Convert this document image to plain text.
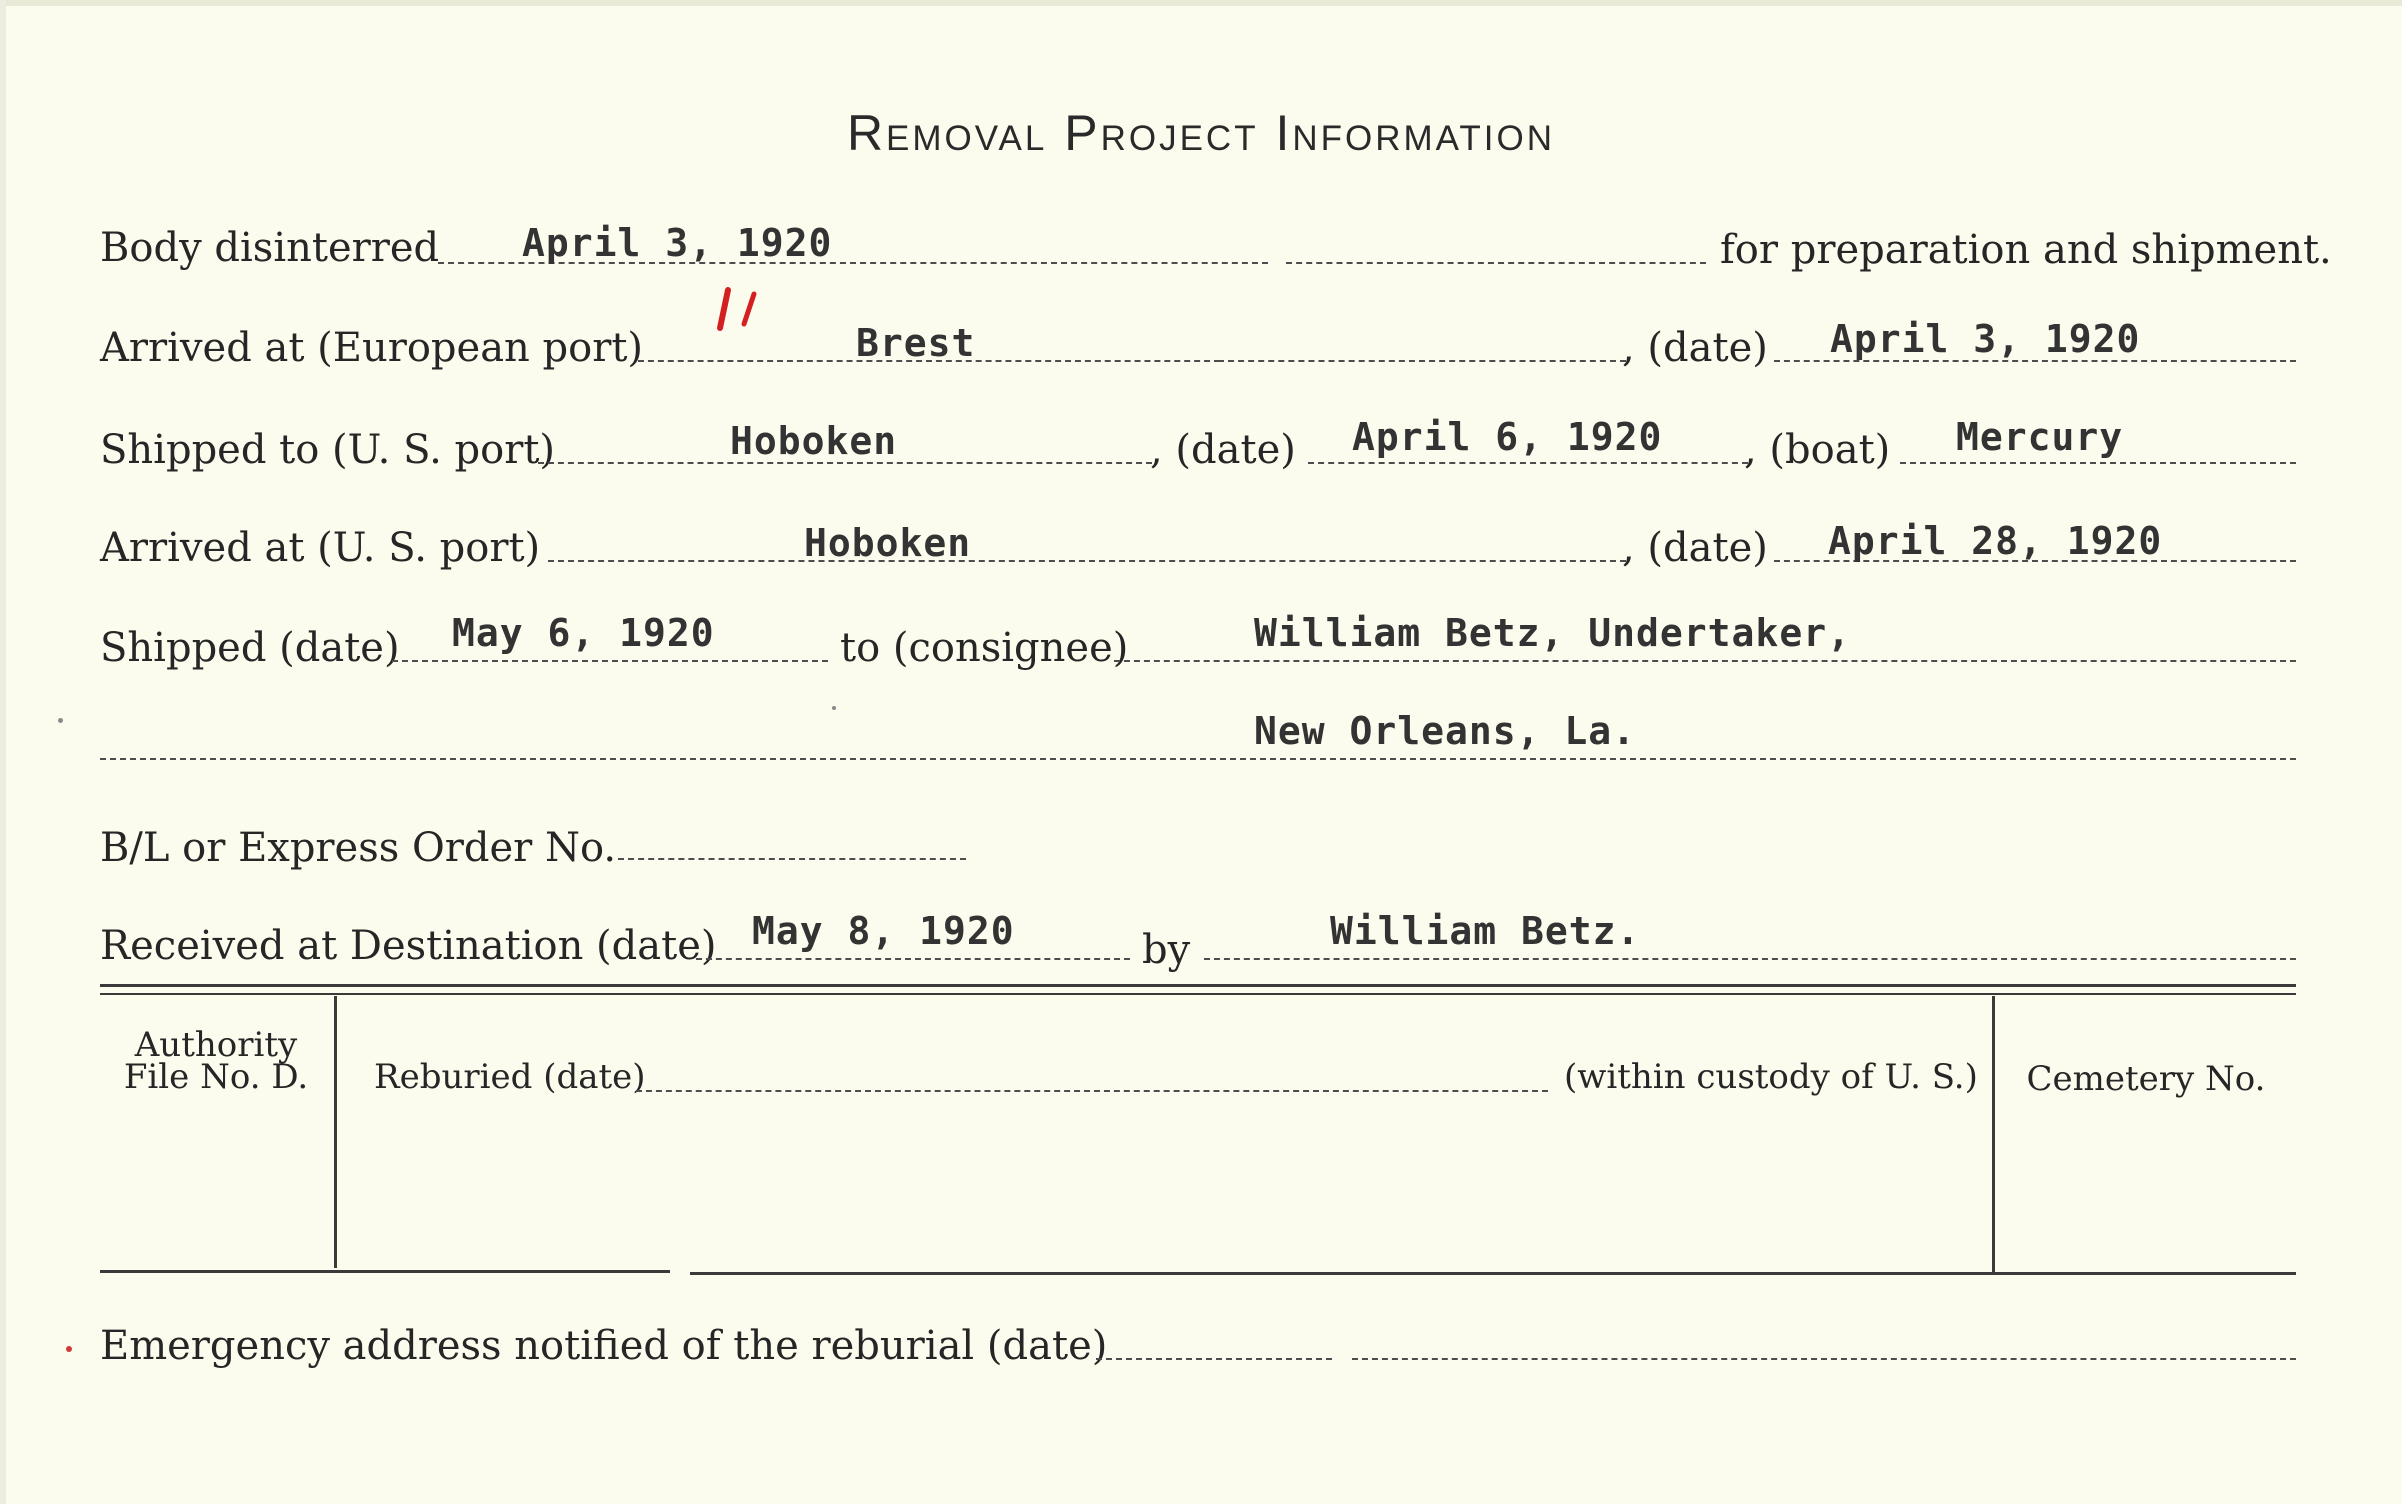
Removal Project Information
Body disinterred April 3, 1920	for preparation and shipment.
Arrived at (European port)	Brest	, (date) April 3, 1920
Shipped to (U. S. port)	Hoboken	, (date) April 6, 1920 , (boat) Mercury
Arrived at (U. S. port)	Hoboken	, (date) April 28, 1920
Shipped (date) May 6, 1920	to (consignee)	William Betz, Undertaker,
New Orleans, La.
B/L or Express Order No.
Received at Destination (date) May 8, 1920	by	William Betz.
Authority
File No. D.	Reburied (date)	(within custody of U. S.)	Cemetery No.
Emergency address notified of the reburial (date)
